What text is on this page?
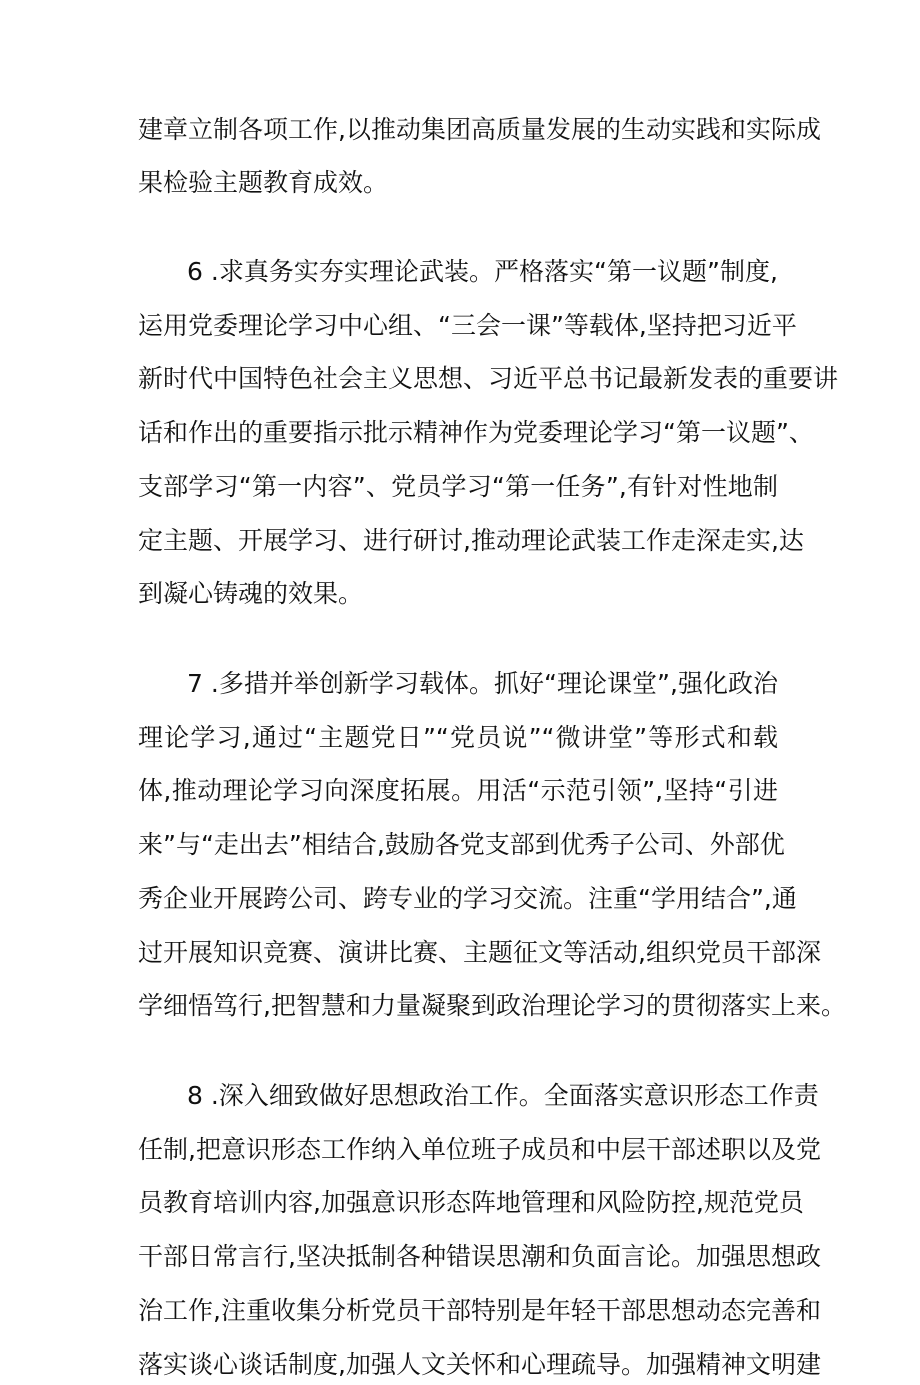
建章立制各项工作,以推动集团高质量发展的生动实践和实际成
果检验主题教育成效。
6 .求真务实夯实理论武装。严格落实“第一议题”制度,
运用党委理论学习中心组、“三会一课”等载体,坚持把习近平
新时代中国特色社会主义思想、习近平总书记最新发表的重要讲
话和作出的重要指示批示精神作为党委理论学习“第一议题”、
支部学习“第一内容”、党员学习“第一任务”,有针对性地制
定主题、开展学习、进行研讨,推动理论武装工作走深走实,达
到凝心铸魂的效果。
7 .多措并举创新学习载体。抓好“理论课堂”,强化政治
理论学习,通过“主题党日”“党员说”“微讲堂”等形式和载
体,推动理论学习向深度拓展。用活“示范引领”,坚持“引进
来”与“走出去”相结合,鼓励各党支部到优秀子公司、外部优
秀企业开展跨公司、跨专业的学习交流。注重“学用结合”,通
过开展知识竞赛、演讲比赛、主题征文等活动,组织党员干部深
学细悟笃行,把智慧和力量凝聚到政治理论学习的贯彻落实上来。
8 .深入细致做好思想政治工作。全面落实意识形态工作责
任制,把意识形态工作纳入单位班子成员和中层干部述职以及党
员教育培训内容,加强意识形态阵地管理和风险防控,规范党员
干部日常言行,坚决抵制各种错误思潮和负面言论。加强思想政
治工作,注重收集分析党员干部特别是年轻干部思想动态完善和
落实谈心谈话制度,加强人文关怀和心理疏导。加强精神文明建
